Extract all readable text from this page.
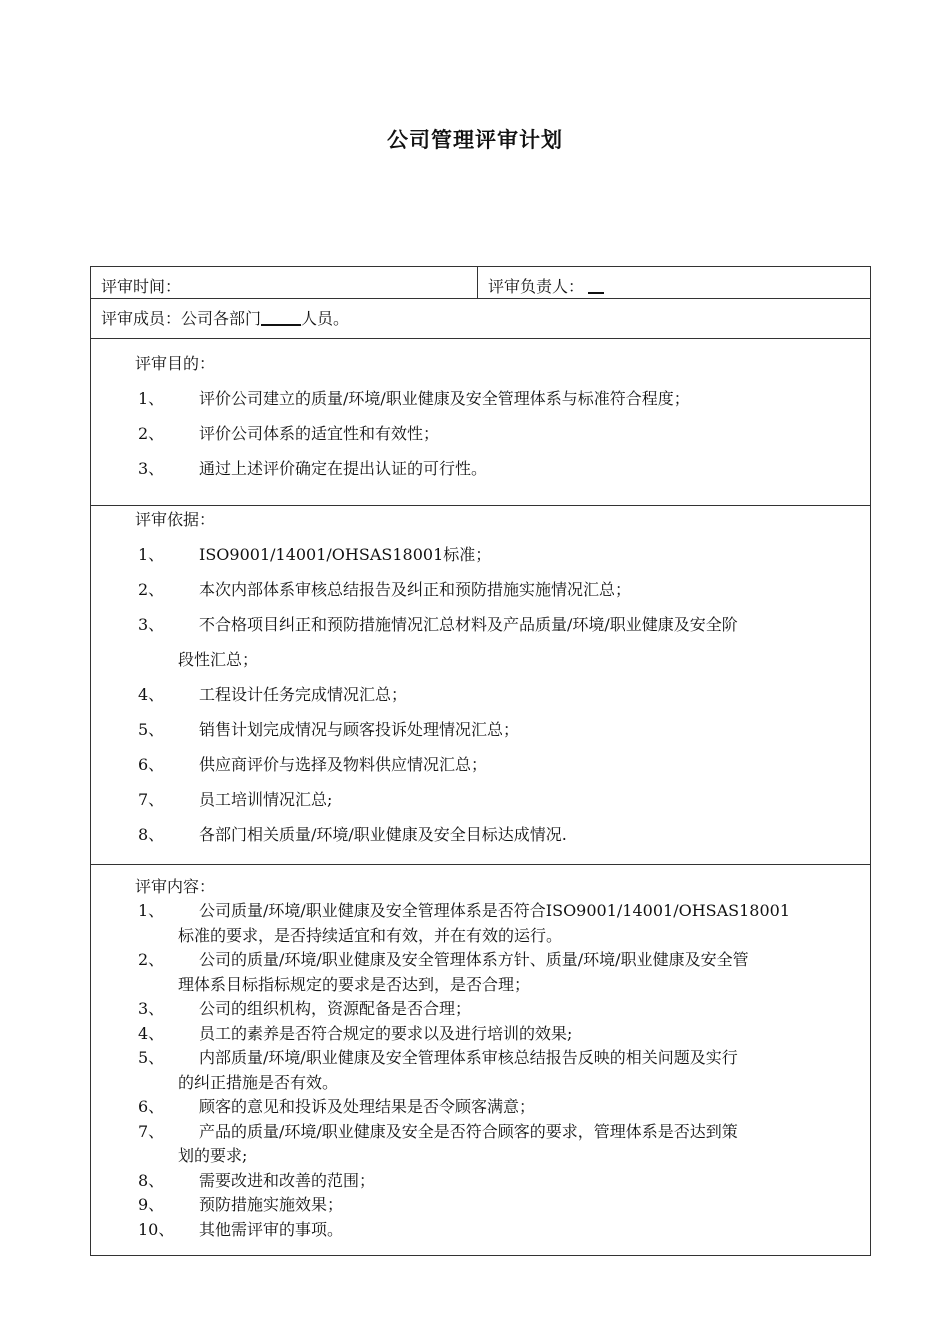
公司管理评审计划
评审时间：	评审负责人：

评审成员：公司各部门	人员。

评审目的：
1、	评价公司建立的质量/环境/职业健康及安全管理体系与标准符合程度；
2、	评价公司体系的适宜性和有效性；
3、	通过上述评价确定在提出认证的可行性。

评审依据：
1、	ISO9001/14001/OHSAS18001标准；
2、	本次内部体系审核总结报告及纠正和预防措施实施情况汇总；
3、	不合格项目纠正和预防措施情况汇总材料及产品质量/环境/职业健康及安全阶
段性汇总；
4、	工程设计任务完成情况汇总；
5、	销售计划完成情况与顾客投诉处理情况汇总；
6、	供应商评价与选择及物料供应情况汇总；
7、	员工培训情况汇总;
8、	各部门相关质量/环境/职业健康及安全目标达成情况.

评审内容：
1、	公司质量/环境/职业健康及安全管理体系是否符合ISO9001/14001/OHSAS18001
标准的要求，是否持续适宜和有效，并在有效的运行。
2、	公司的质量/环境/职业健康及安全管理体系方针、质量/环境/职业健康及安全管
理体系目标指标规定的要求是否达到，是否合理；
3、	公司的组织机构，资源配备是否合理；
4、	员工的素养是否符合规定的要求以及进行培训的效果;
5、	内部质量/环境/职业健康及安全管理体系审核总结报告反映的相关问题及实行
的纠正措施是否有效。
6、	顾客的意见和投诉及处理结果是否令顾客满意；
7、	产品的质量/环境/职业健康及安全是否符合顾客的要求，管理体系是否达到策
划的要求;
8、	需要改进和改善的范围；
9、	预防措施实施效果；
10、 其他需评审的事项。
